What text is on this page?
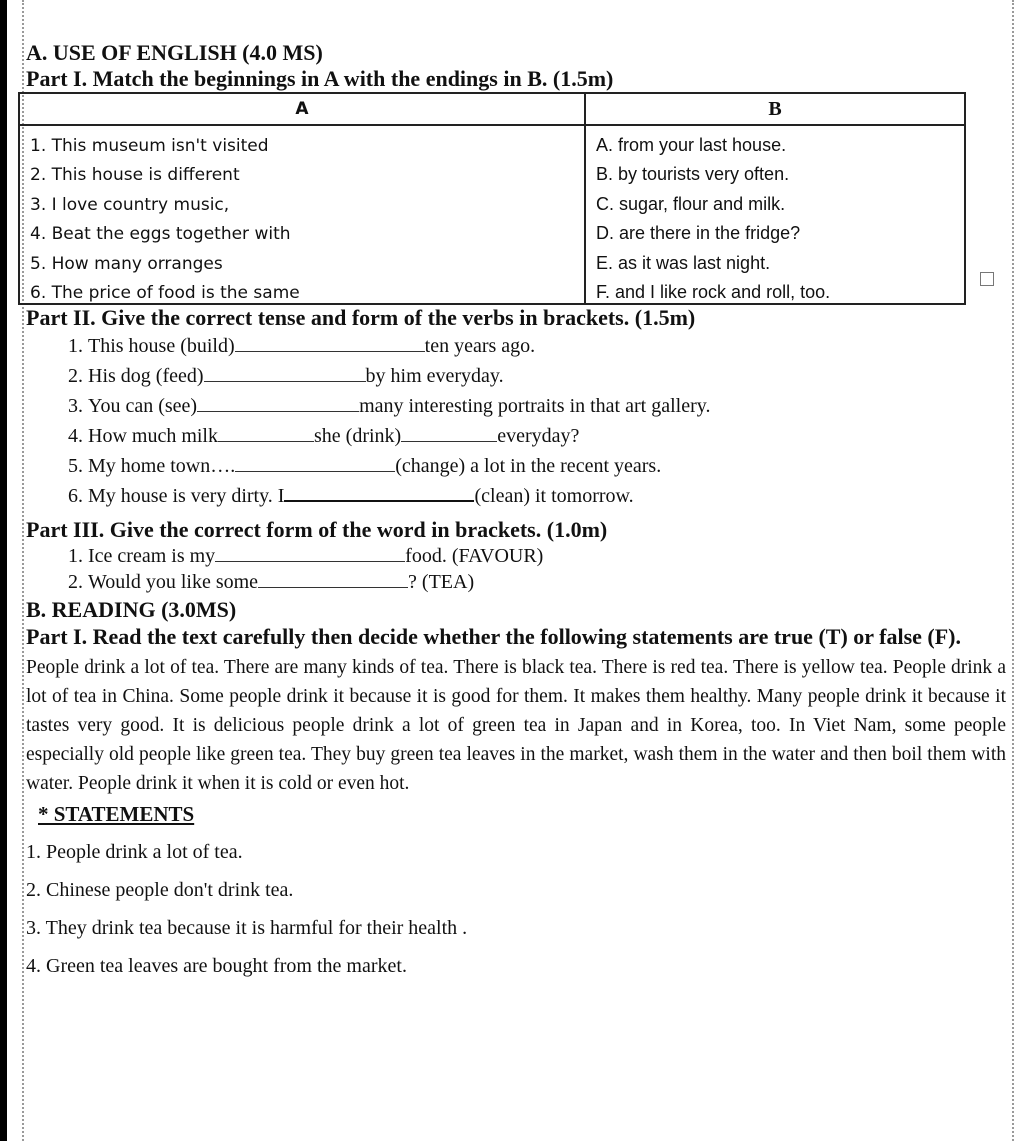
A. USE OF ENGLISH (4.0 MS)

Part I. Match the beginnings in A with the endings in B. (1.5m)

A	B
1. This museum isn't visited	A. from your last house.
2. This house is different	B. by tourists very often.
3. I love country music,	C. sugar, flour and milk.
4. Beat the eggs together with	D. are there in the fridge?
5. How many orranges	E. as it was last night.
6. The price of food is the same	F. and I like rock and roll, too.

Part II. Give the correct tense and form of the verbs in brackets. (1.5m)

1. This house (build)	ten years ago.
2. His dog (feed)	by him everyday.
3. You can (see)	many interesting portraits in that art gallery.
4. How much milk	she (drink)	everyday?
5. My home town….	(change) a lot in the recent years.
6. My house is very dirty. I	(clean) it tomorrow.

Part III. Give the correct form of the word in brackets. (1.0m)

1. Ice cream is my	food. (FAVOUR)
2. Would you like some	? (TEA)

B. READING (3.0MS)

Part I. Read the text carefully then decide whether the following statements are true (T) or false (F).

People drink a lot of tea. There are many kinds of tea. There is black tea. There is red tea. There is yellow tea. People drink a lot of tea in China. Some people drink it because it is good for them. It makes them healthy. Many people drink it because it tastes very good. It is delicious people drink a lot of green tea in Japan and in Korea, too. In Viet Nam, some people especially old people like green tea. They buy green tea leaves in the market, wash them in the water and then boil them with water. People drink it when it is cold or even hot.

* STATEMENTS

1. People drink a lot of tea.

2. Chinese people don't drink tea.

3. They drink tea because it is harmful for their health .

4. Green tea leaves are bought from the market.
